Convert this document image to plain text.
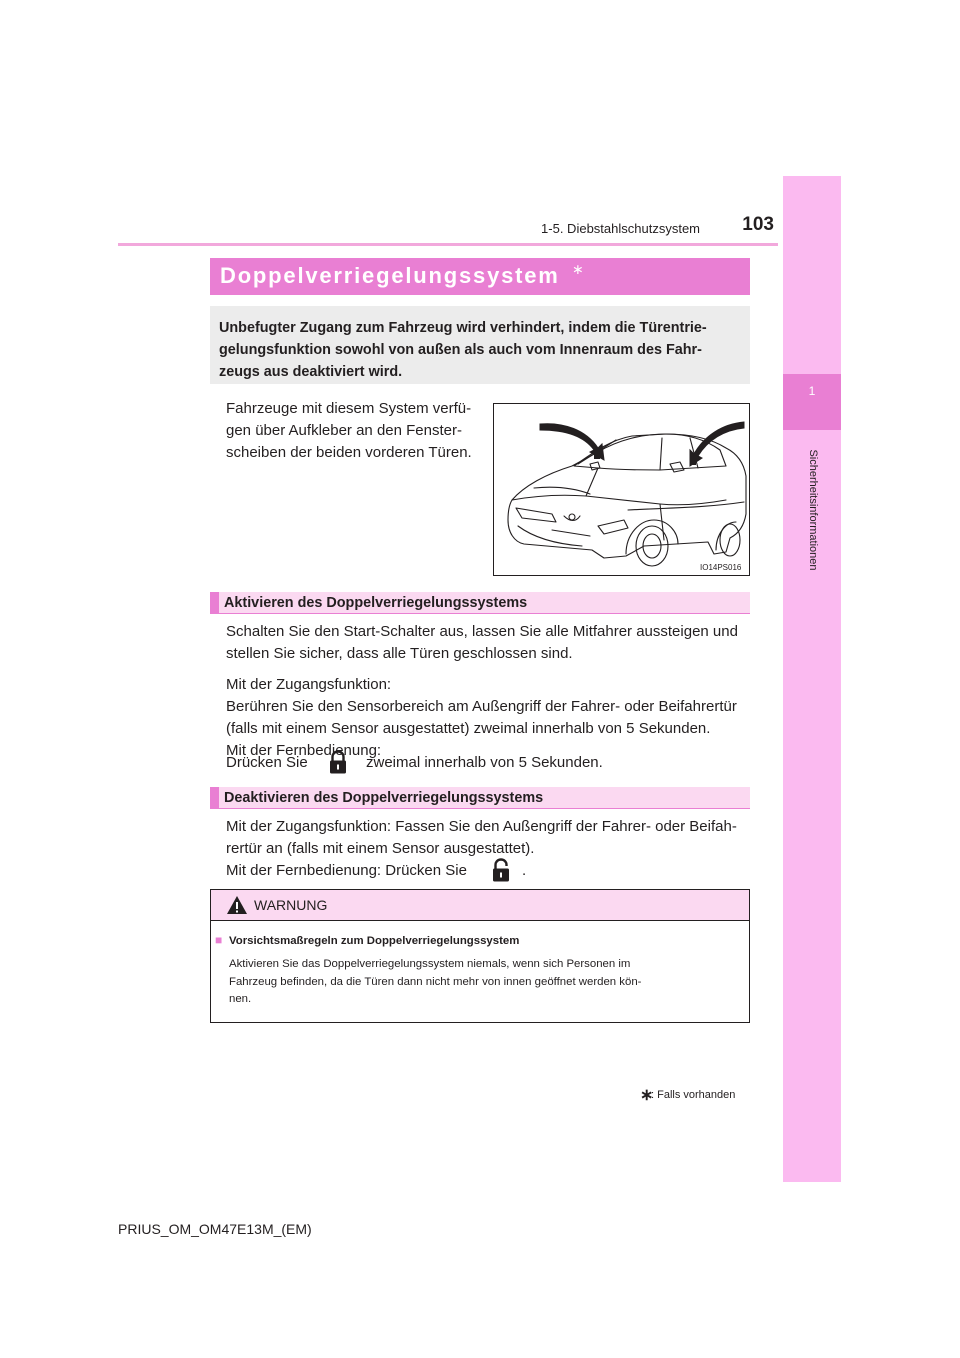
1-5. Diebstahlschutzsystem	103
1
Sicherheitsinformationen
Doppelverriegelungssystem ∗
Unbefugter Zugang zum Fahrzeug wird verhindert, indem die Türentrie-
gelungsfunktion sowohl von außen als auch vom Innenraum des Fahr-
zeugs aus deaktiviert wird.
Fahrzeuge mit diesem System verfü-
gen über Aufkleber an den Fenster-
scheiben der beiden vorderen Türen.
IO14PS016
Aktivieren des Doppelverriegelungssystems
Schalten Sie den Start-Schalter aus, lassen Sie alle Mitfahrer aussteigen und
stellen Sie sicher, dass alle Türen geschlossen sind.
Mit der Zugangsfunktion:
Berühren Sie den Sensorbereich am Außengriff der Fahrer- oder Beifahrertür
(falls mit einem Sensor ausgestattet) zweimal innerhalb von 5 Sekunden.
Mit der Fernbedienung:
Drücken Sie	zweimal innerhalb von 5 Sekunden.
Deaktivieren des Doppelverriegelungssystems
Mit der Zugangsfunktion: Fassen Sie den Außengriff der Fahrer- oder Beifah-
rertür an (falls mit einem Sensor ausgestattet).
Mit der Fernbedienung: Drücken Sie	.
WARNUNG
■ Vorsichtsmaßregeln zum Doppelverriegelungssystem
Aktivieren Sie das Doppelverriegelungssystem niemals, wenn sich Personen im
Fahrzeug befinden, da die Türen dann nicht mehr von innen geöffnet werden kön-
nen.
∗
: Falls vorhanden
PRIUS_OM_OM47E13M_(EM)
